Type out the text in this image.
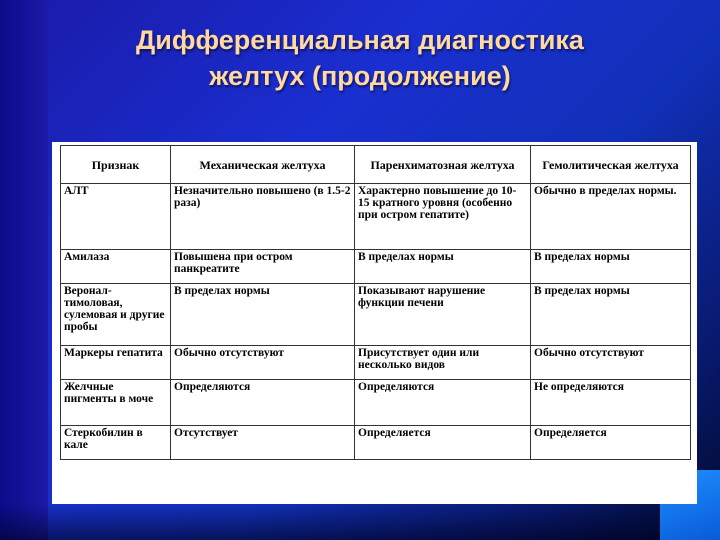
Дифференциальная диагностика
желтух (продолжение)
Признак	Механическая желтуха	Паренхиматозная желтуха	Гемолитическая желтуха
АЛТ	Незначительно повышено (в 1.5-2 раза)	Характерно повышение до 10-15 кратного уровня (особенно при остром гепатите)	Обычно в пределах нормы.
Амилаза	Повышена при остром панкреатите	В пределах нормы	В пределах нормы
Веронал-тимоловая, сулемовая и другие пробы	В пределах нормы	Показывают нарушение функции печени	В пределах нормы
Маркеры гепатита	Обычно отсутствуют	Присутствует один или несколько видов	Обычно отсутствуют
Желчные пигменты в моче	Определяются	Определяются	Не определяются
Стеркобилин в кале	Отсутствует	Определяется	Определяется
